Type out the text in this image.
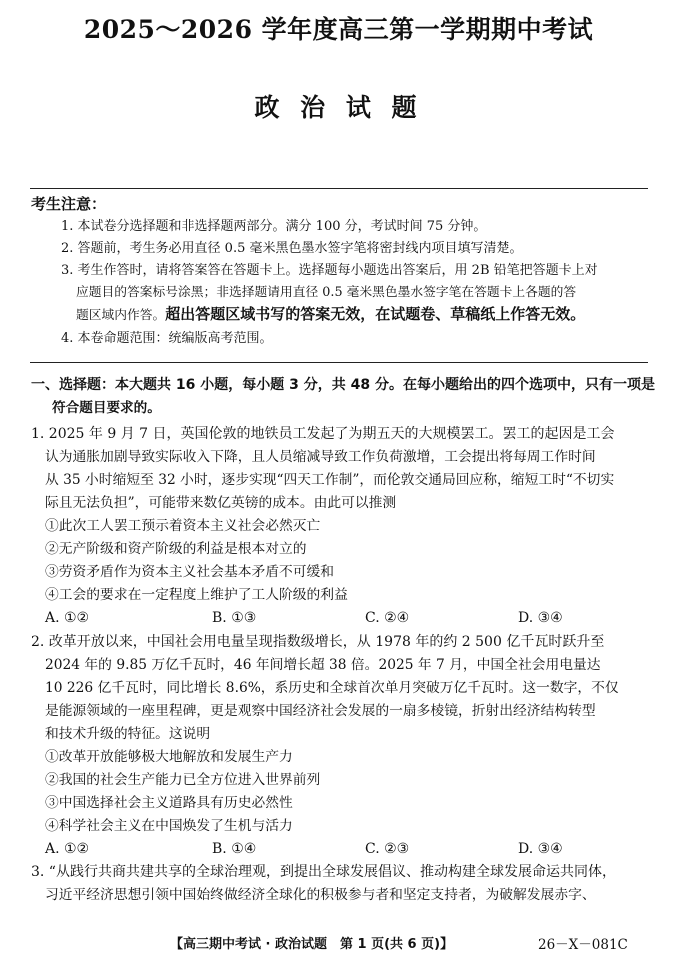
2025～2026 学年度高三第一学期期中考试
政 治 试 题
考生注意：
1. 本试卷分选择题和非选择题两部分。满分 100 分，考试时间 75 分钟。
2. 答题前，考生务必用直径 0.5 毫米黑色墨水签字笔将密封线内项目填写清楚。
3. 考生作答时，请将答案答在答题卡上。选择题每小题选出答案后，用 2B 铅笔把答题卡上对
应题目的答案标号涂黑；非选择题请用直径 0.5 毫米黑色墨水签字笔在答题卡上各题的答
题区域内作答。超出答题区域书写的答案无效，在试题卷、草稿纸上作答无效。
4. 本卷命题范围：统编版高考范围。
一、选择题：本大题共 16 小题，每小题 3 分，共 48 分。在每小题给出的四个选项中，只有一项是
符合题目要求的。
1. 2025 年 9 月 7 日，英国伦敦的地铁员工发起了为期五天的大规模罢工。罢工的起因是工会
认为通胀加剧导致实际收入下降，且人员缩减导致工作负荷激增，工会提出将每周工作时间
从 35 小时缩短至 32 小时，逐步实现“四天工作制”，而伦敦交通局回应称，缩短工时“不切实
际且无法负担”，可能带来数亿英镑的成本。由此可以推测
①此次工人罢工预示着资本主义社会必然灭亡
②无产阶级和资产阶级的利益是根本对立的
③劳资矛盾作为资本主义社会基本矛盾不可缓和
④工会的要求在一定程度上维护了工人阶级的利益
A. ①②	B. ①③	C. ②④	D. ③④
2. 改革开放以来，中国社会用电量呈现指数级增长，从 1978 年的约 2 500 亿千瓦时跃升至
2024 年的 9.85 万亿千瓦时，46 年间增长超 38 倍。2025 年 7 月，中国全社会用电量达
10 226 亿千瓦时，同比增长 8.6%，系历史和全球首次单月突破万亿千瓦时。这一数字，不仅
是能源领域的一座里程碑，更是观察中国经济社会发展的一扇多棱镜，折射出经济结构转型
和技术升级的特征。这说明
①改革开放能够极大地解放和发展生产力
②我国的社会生产能力已全方位进入世界前列
③中国选择社会主义道路具有历史必然性
④科学社会主义在中国焕发了生机与活力
A. ①②	B. ①④	C. ②③	D. ③④
3. “从践行共商共建共享的全球治理观，到提出全球发展倡议、推动构建全球发展命运共同体，
习近平经济思想引领中国始终做经济全球化的积极参与者和坚定支持者，为破解发展赤字、
【高三期中考试 · 政治试题　第 1 页(共 6 页)】	26－X－081C
